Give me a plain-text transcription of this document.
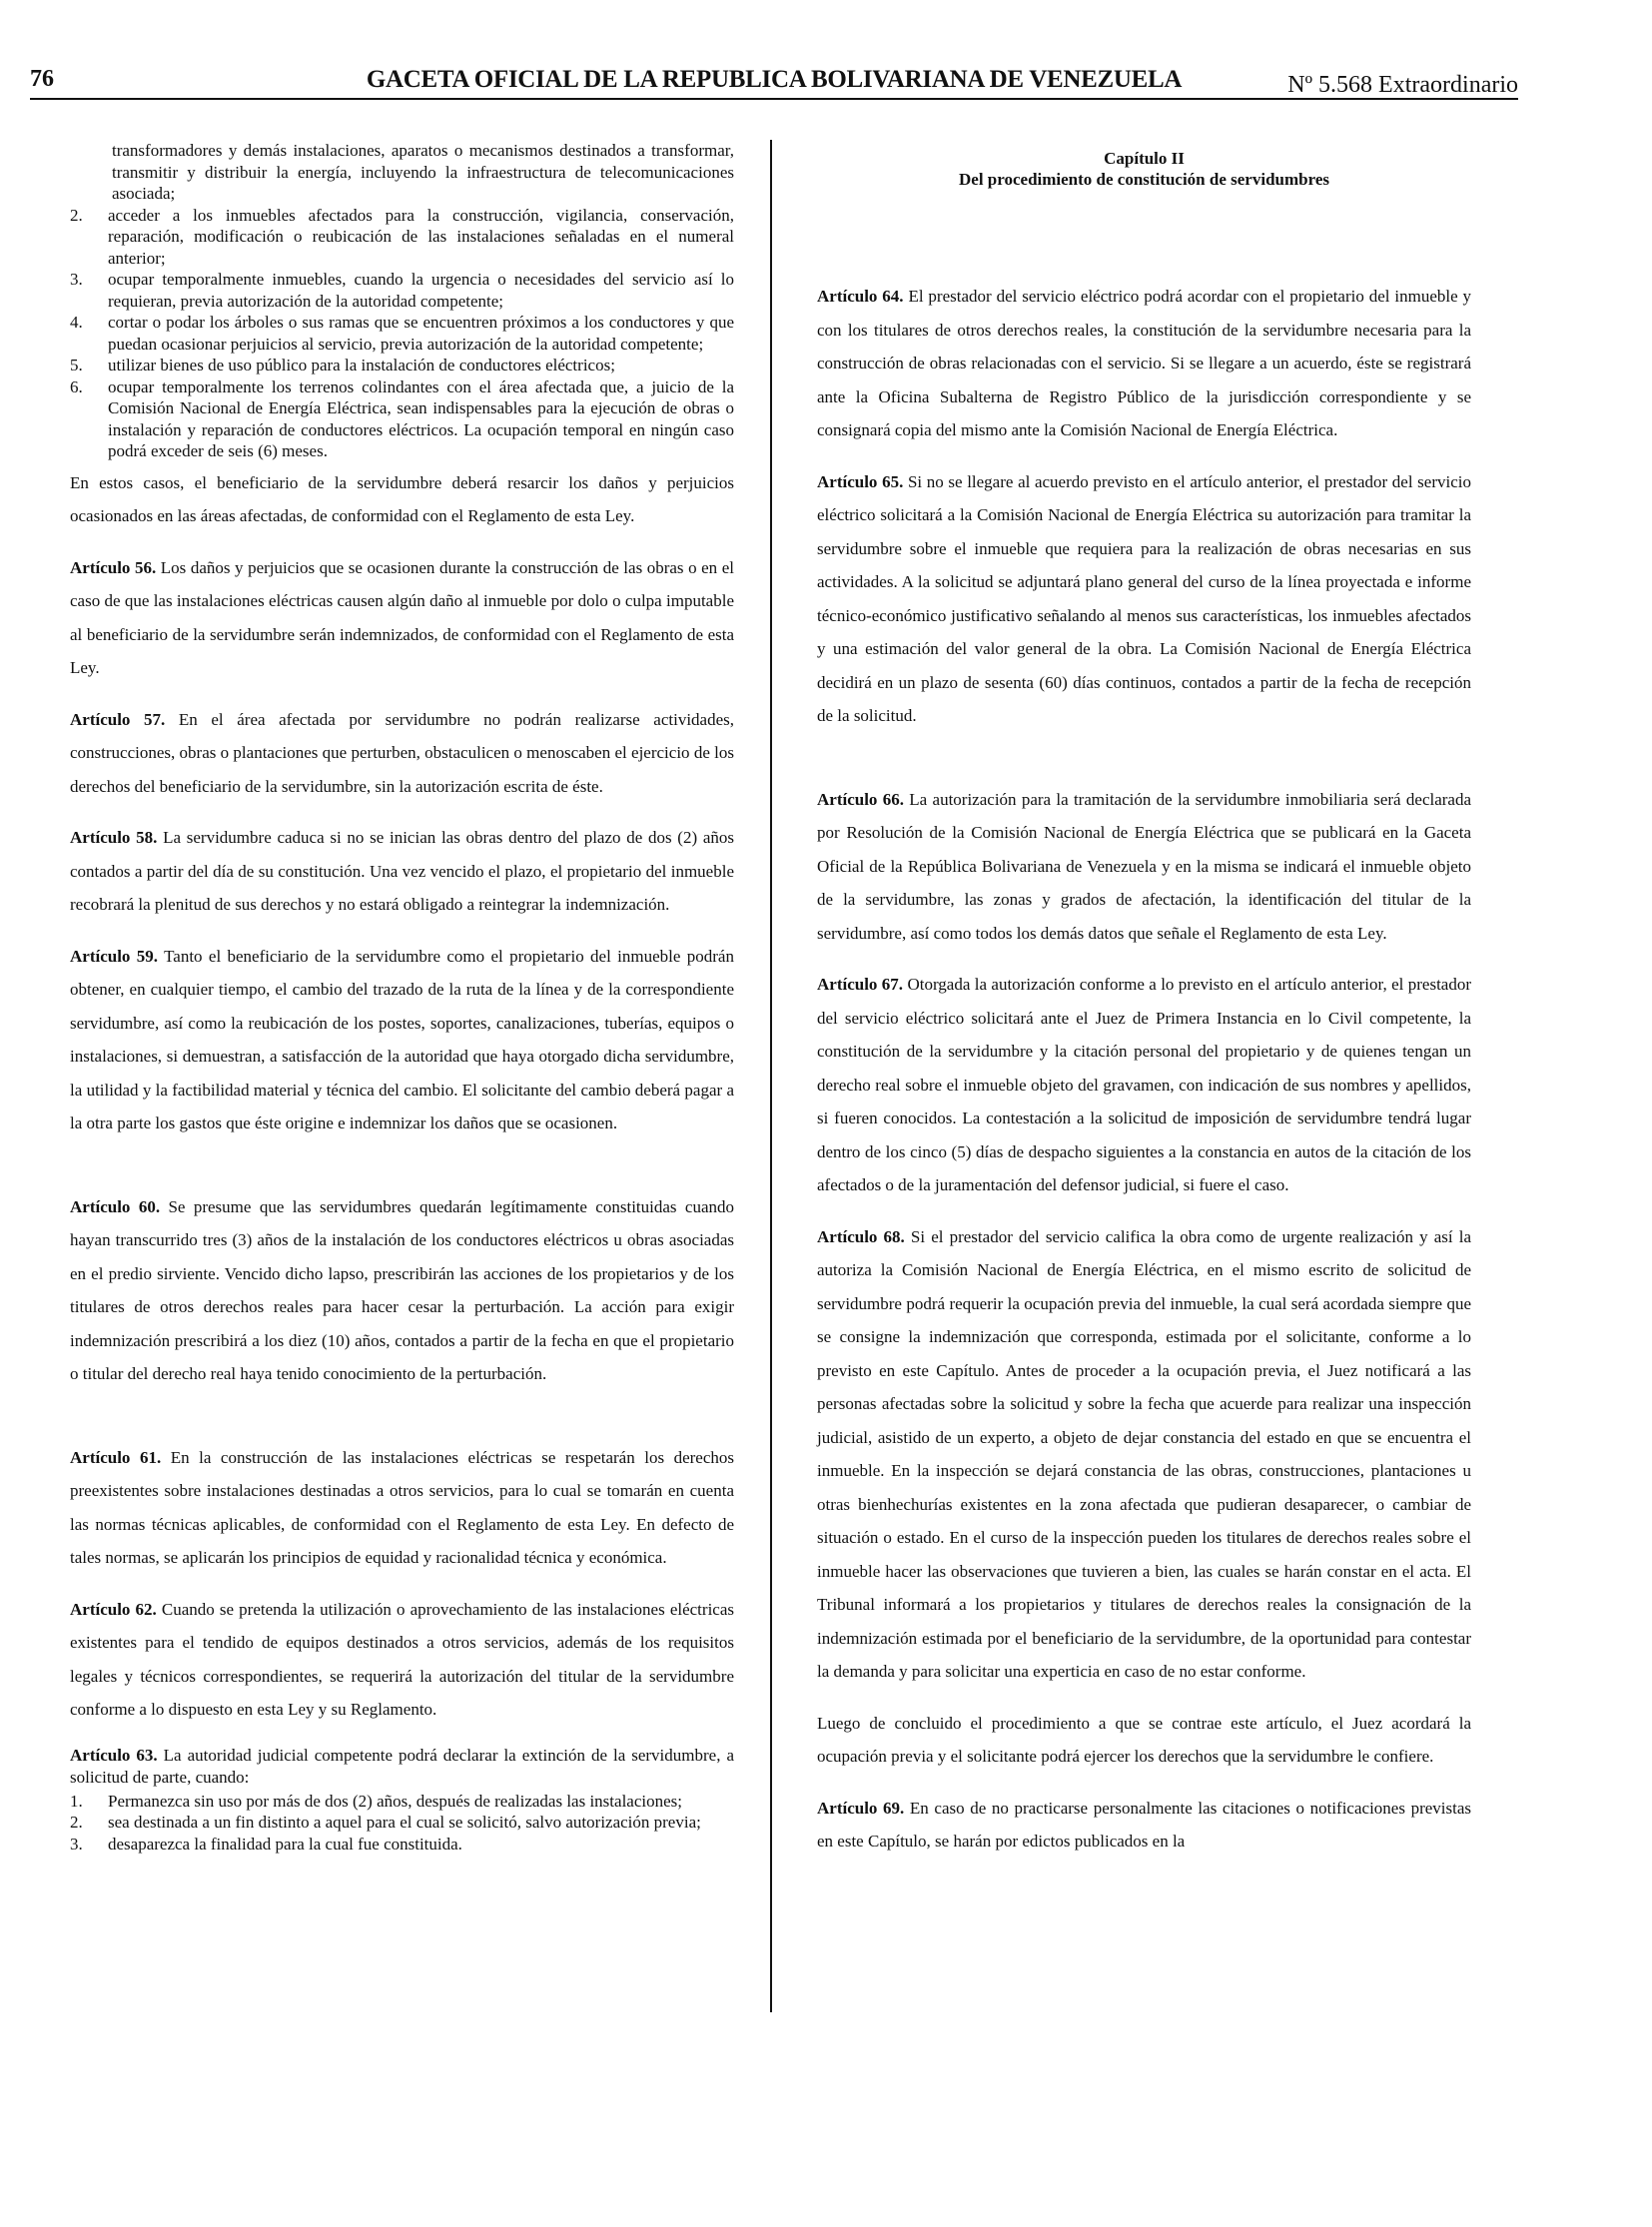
76	GACETA OFICIAL DE LA REPUBLICA BOLIVARIANA DE VENEZUELA	Nº 5.568 Extraordinario
transformadores y demás instalaciones, aparatos o mecanismos destinados a transformar, transmitir y distribuir la energía, incluyendo la infraestructura de telecomunicaciones asociada;
2.	acceder a los inmuebles afectados para la construcción, vigilancia, conservación, reparación, modificación o reubicación de las instalaciones señaladas en el numeral anterior;
3.	ocupar temporalmente inmuebles, cuando la urgencia o necesidades del servicio así lo requieran, previa autorización de la autoridad competente;
4.	cortar o podar los árboles o sus ramas que se encuentren próximos a los conductores y que puedan ocasionar perjuicios al servicio, previa autorización de la autoridad competente;
5.	utilizar bienes de uso público para la instalación de conductores eléctricos;
6.	ocupar temporalmente los terrenos colindantes con el área afectada que, a juicio de la Comisión Nacional de Energía Eléctrica, sean indispensables para la ejecución de obras o instalación y reparación de conductores eléctricos. La ocupación temporal en ningún caso podrá exceder de seis (6) meses.

En estos casos, el beneficiario de la servidumbre deberá resarcir los daños y perjuicios ocasionados en las áreas afectadas, de conformidad con el Reglamento de esta Ley.

Artículo 56. Los daños y perjuicios que se ocasionen durante la construcción de las obras o en el caso de que las instalaciones eléctricas causen algún daño al inmueble por dolo o culpa imputable al beneficiario de la servidumbre serán indemnizados, de conformidad con el Reglamento de esta Ley.

Artículo 57. En el área afectada por servidumbre no podrán realizarse actividades, construcciones, obras o plantaciones que perturben, obstaculicen o menoscaben el ejercicio de los derechos del beneficiario de la servidumbre, sin la autorización escrita de éste.

Artículo 58. La servidumbre caduca si no se inician las obras dentro del plazo de dos (2) años contados a partir del día de su constitución. Una vez vencido el plazo, el propietario del inmueble recobrará la plenitud de sus derechos y no estará obligado a reintegrar la indemnización.

Artículo 59. Tanto el beneficiario de la servidumbre como el propietario del inmueble podrán obtener, en cualquier tiempo, el cambio del trazado de la ruta de la línea y de la correspondiente servidumbre, así como la reubicación de los postes, soportes, canalizaciones, tuberías, equipos o instalaciones, si demuestran, a satisfacción de la autoridad que haya otorgado dicha servidumbre, la utilidad y la factibilidad material y técnica del cambio. El solicitante del cambio deberá pagar a la otra parte los gastos que éste origine e indemnizar los daños que se ocasionen.

Artículo 60. Se presume que las servidumbres quedarán legítimamente constituidas cuando hayan transcurrido tres (3) años de la instalación de los conductores eléctricos u obras asociadas en el predio sirviente. Vencido dicho lapso, prescribirán las acciones de los propietarios y de los titulares de otros derechos reales para hacer cesar la perturbación. La acción para exigir indemnización prescribirá a los diez (10) años, contados a partir de la fecha en que el propietario o titular del derecho real haya tenido conocimiento de la perturbación.

Artículo 61. En la construcción de las instalaciones eléctricas se respetarán los derechos preexistentes sobre instalaciones destinadas a otros servicios, para lo cual se tomarán en cuenta las normas técnicas aplicables, de conformidad con el Reglamento de esta Ley. En defecto de tales normas, se aplicarán los principios de equidad y racionalidad técnica y económica.

Artículo 62. Cuando se pretenda la utilización o aprovechamiento de las instalaciones eléctricas existentes para el tendido de equipos destinados a otros servicios, además de los requisitos legales y técnicos correspondientes, se requerirá la autorización del titular de la servidumbre conforme a lo dispuesto en esta Ley y su Reglamento.

Artículo 63. La autoridad judicial competente podrá declarar la extinción de la servidumbre, a solicitud de parte, cuando:

1.	Permanezca sin uso por más de dos (2) años, después de realizadas las instalaciones;
2.	sea destinada a un fin distinto a aquel para el cual se solicitó, salvo autorización previa;
3.	desaparezca la finalidad para la cual fue constituida.
Capítulo II
Del procedimiento de constitución de servidumbres

Artículo 64. El prestador del servicio eléctrico podrá acordar con el propietario del inmueble y con los titulares de otros derechos reales, la constitución de la servidumbre necesaria para la construcción de obras relacionadas con el servicio. Si se llegare a un acuerdo, éste se registrará ante la Oficina Subalterna de Registro Público de la jurisdicción correspondiente y se consignará copia del mismo ante la Comisión Nacional de Energía Eléctrica.

Artículo 65. Si no se llegare al acuerdo previsto en el artículo anterior, el prestador del servicio eléctrico solicitará a la Comisión Nacional de Energía Eléctrica su autorización para tramitar la servidumbre sobre el inmueble que requiera para la realización de obras necesarias en sus actividades. A la solicitud se adjuntará plano general del curso de la línea proyectada e informe técnico-económico justificativo señalando al menos sus características, los inmuebles afectados y una estimación del valor general de la obra. La Comisión Nacional de Energía Eléctrica decidirá en un plazo de sesenta (60) días continuos, contados a partir de la fecha de recepción de la solicitud.

Artículo 66. La autorización para la tramitación de la servidumbre inmobiliaria será declarada por Resolución de la Comisión Nacional de Energía Eléctrica que se publicará en la Gaceta Oficial de la República Bolivariana de Venezuela y en la misma se indicará el inmueble objeto de la servidumbre, las zonas y grados de afectación, la identificación del titular de la servidumbre, así como todos los demás datos que señale el Reglamento de esta Ley.

Artículo 67. Otorgada la autorización conforme a lo previsto en el artículo anterior, el prestador del servicio eléctrico solicitará ante el Juez de Primera Instancia en lo Civil competente, la constitución de la servidumbre y la citación personal del propietario y de quienes tengan un derecho real sobre el inmueble objeto del gravamen, con indicación de sus nombres y apellidos, si fueren conocidos. La contestación a la solicitud de imposición de servidumbre tendrá lugar dentro de los cinco (5) días de despacho siguientes a la constancia en autos de la citación de los afectados o de la juramentación del defensor judicial, si fuere el caso.

Artículo 68. Si el prestador del servicio califica la obra como de urgente realización y así la autoriza la Comisión Nacional de Energía Eléctrica, en el mismo escrito de solicitud de servidumbre podrá requerir la ocupación previa del inmueble, la cual será acordada siempre que se consigne la indemnización que corresponda, estimada por el solicitante, conforme a lo previsto en este Capítulo. Antes de proceder a la ocupación previa, el Juez notificará a las personas afectadas sobre la solicitud y sobre la fecha que acuerde para realizar una inspección judicial, asistido de un experto, a objeto de dejar constancia del estado en que se encuentra el inmueble. En la inspección se dejará constancia de las obras, construcciones, plantaciones u otras bienhechurías existentes en la zona afectada que pudieran desaparecer, o cambiar de situación o estado. En el curso de la inspección pueden los titulares de derechos reales sobre el inmueble hacer las observaciones que tuvieren a bien, las cuales se harán constar en el acta. El Tribunal informará a los propietarios y titulares de derechos reales la consignación de la indemnización estimada por el beneficiario de la servidumbre, de la oportunidad para contestar la demanda y para solicitar una experticia en caso de no estar conforme.

Luego de concluido el procedimiento a que se contrae este artículo, el Juez acordará la ocupación previa y el solicitante podrá ejercer los derechos que la servidumbre le confiere.

Artículo 69. En caso de no practicarse personalmente las citaciones o notificaciones previstas en este Capítulo, se harán por edictos publicados en la
